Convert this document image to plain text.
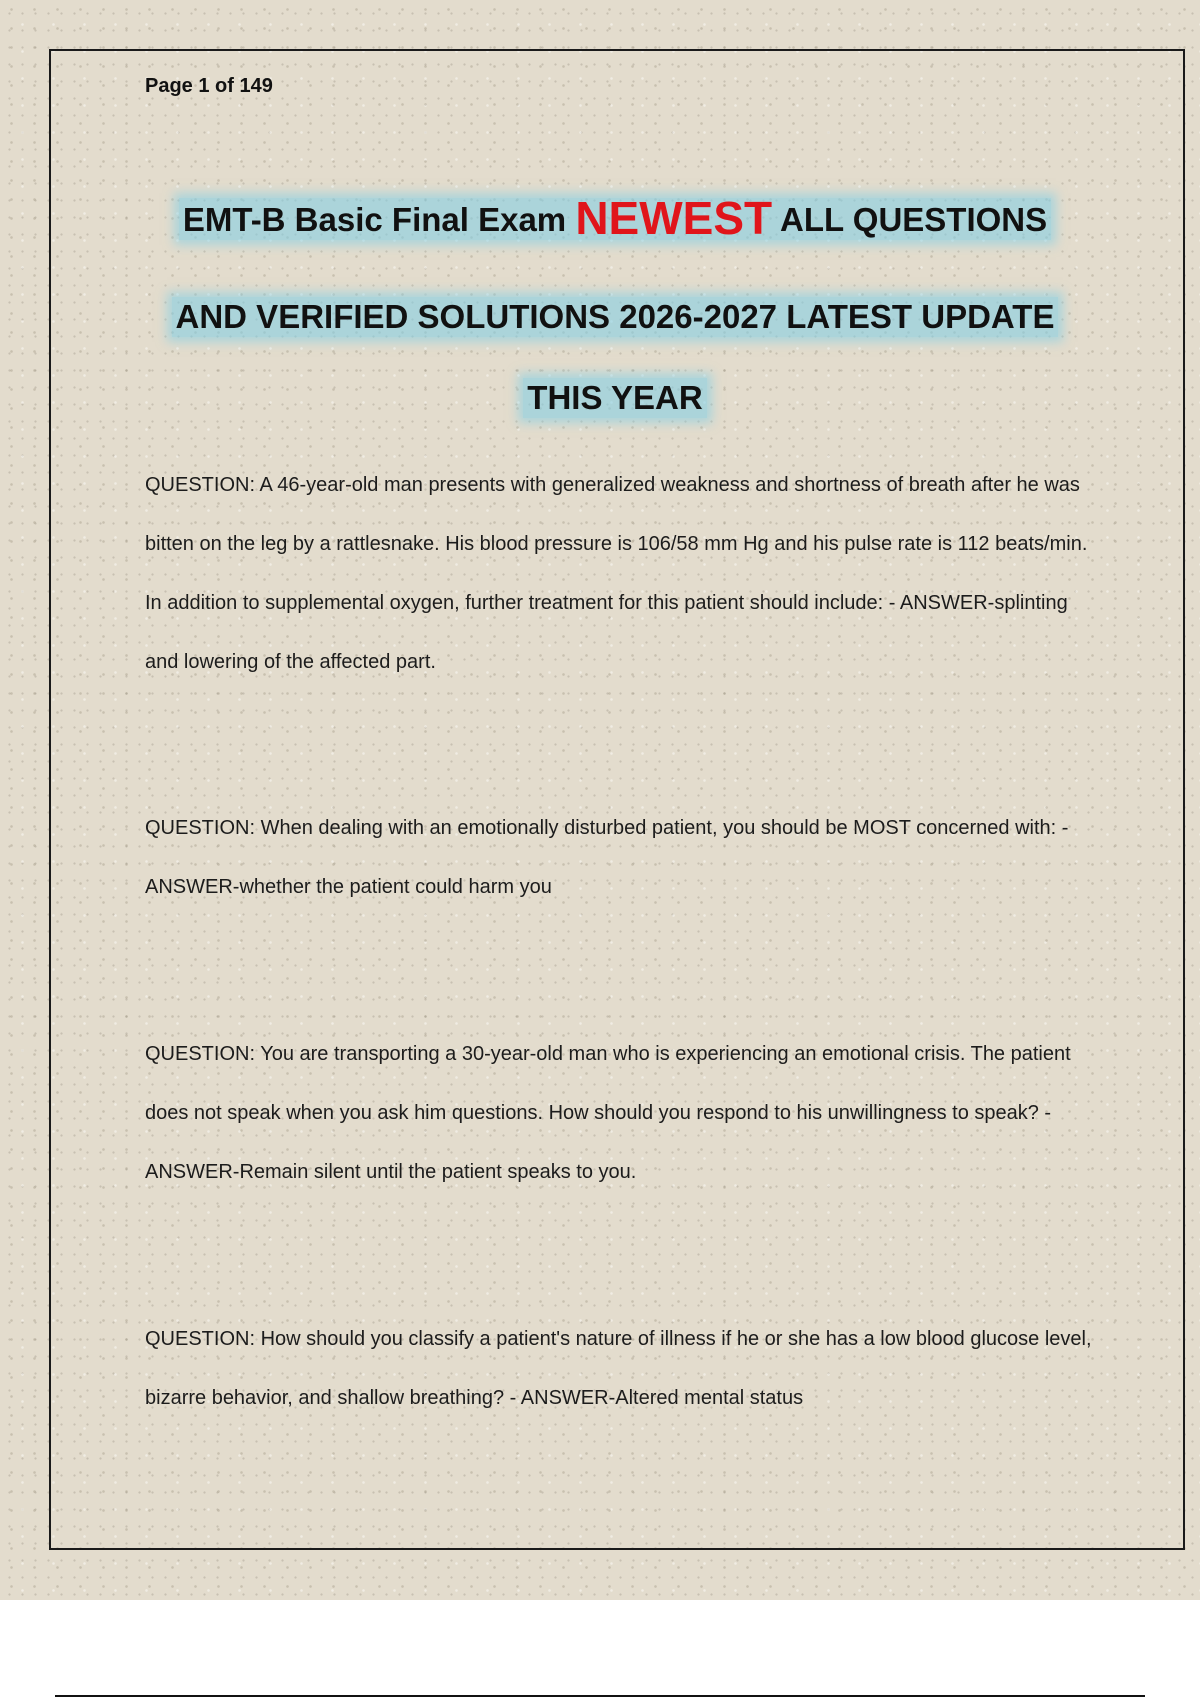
Page 1 of 149
EMT-B Basic Final Exam NEWEST ALL QUESTIONS
AND VERIFIED SOLUTIONS 2026-2027 LATEST UPDATE
THIS YEAR
QUESTION: A 46-year-old man presents with generalized weakness and shortness of breath after he was bitten on the leg by a rattlesnake. His blood pressure is 106/58 mm Hg and his pulse rate is 112 beats/min. In addition to supplemental oxygen, further treatment for this patient should include: - ANSWER-splinting and lowering of the affected part.
QUESTION: When dealing with an emotionally disturbed patient, you should be MOST concerned with: - ANSWER-whether the patient could harm you
QUESTION: You are transporting a 30-year-old man who is experiencing an emotional crisis. The patient does not speak when you ask him questions. How should you respond to his unwillingness to speak? - ANSWER-Remain silent until the patient speaks to you.
QUESTION: How should you classify a patient's nature of illness if he or she has a low blood glucose level, bizarre behavior, and shallow breathing? - ANSWER-Altered mental status
